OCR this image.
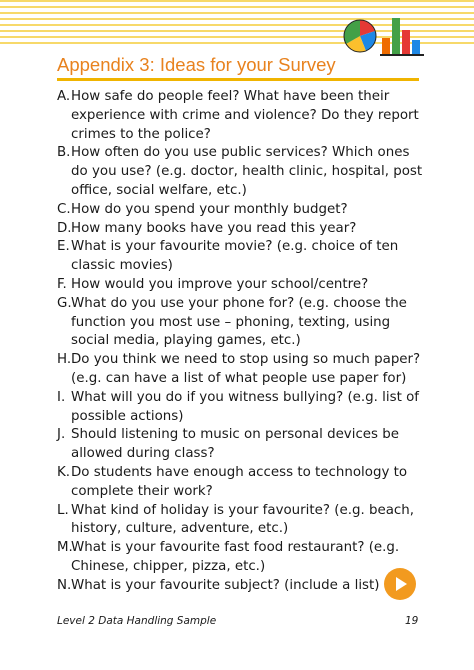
Appendix 3: Ideas for your Survey
A. How safe do people feel? What have been their experience with crime and violence? Do they report crimes to the police?
B. How often do you use public services? Which ones do you use? (e.g. doctor, health clinic, hospital, post office, social welfare, etc.)
C. How do you spend your monthly budget?
D. How many books have you read this year?
E. What is your favourite movie? (e.g. choice of ten classic movies)
F. How would you improve your school/centre?
G. What do you use your phone for? (e.g. choose the function you most use – phoning, texting, using social media, playing games, etc.)
H. Do you think we need to stop using so much paper? (e.g. can have a list of what people use paper for)
I. What will you do if you witness bullying? (e.g. list of possible actions)
J. Should listening to music on personal devices be allowed during class?
K. Do students have enough access to technology to complete their work?
L. What kind of holiday is your favourite? (e.g. beach, history, culture, adventure, etc.)
M.
What is your favourite fast food restaurant? (e.g. Chinese, chipper, pizza, etc.)
N. What is your favourite subject? (include a list)
Level 2 Data Handling Sample	19
